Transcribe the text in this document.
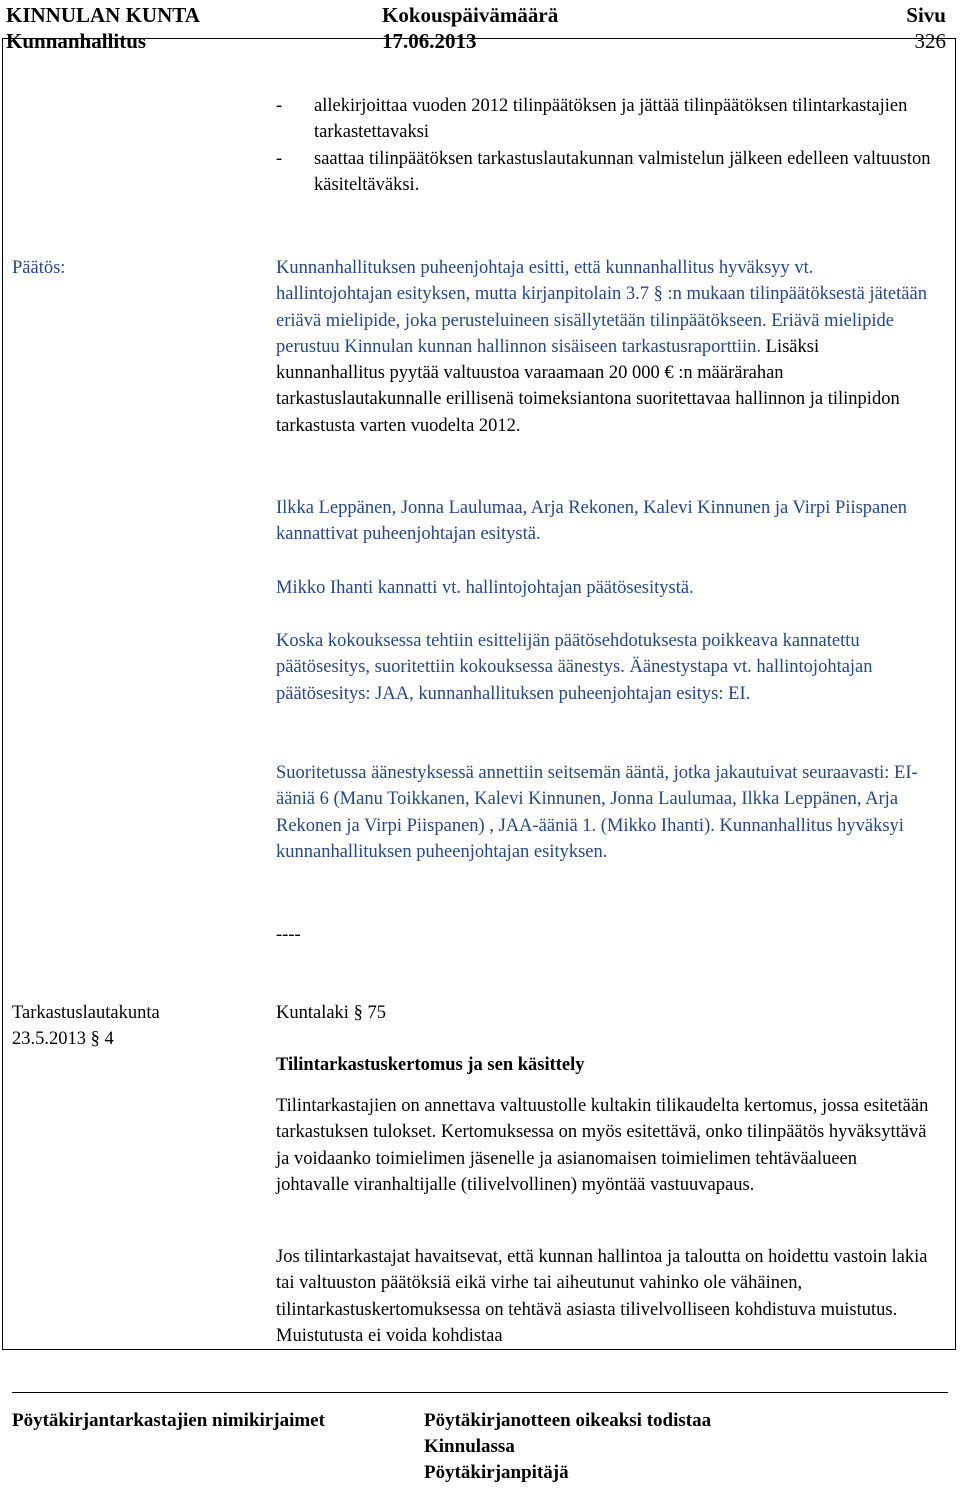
KINNULAN KUNTA
Kunnanhallitus
Kokouspäivämäärä
17.06.2013
Sivu
326
-	allekirjoittaa vuoden 2012 tilinpäätöksen ja jättää tilinpäätöksen tilintarkastajien tarkastettavaksi
-	saattaa tilinpäätöksen tarkastuslautakunnan valmistelun jälkeen edelleen valtuuston käsiteltäväksi.
Päätös:	Kunnanhallituksen puheenjohtaja esitti, että kunnanhallitus hyväksyy vt. hallintojohtajan esityksen, mutta kirjanpitolain 3.7 § :n mukaan tilinpäätöksestä jätetään eriävä mielipide, joka perusteluineen sisällytetään tilinpäätökseen. Eriävä mielipide perustuu Kinnulan kunnan hallinnon sisäiseen tarkastusraporttiin. Lisäksi kunnanhallitus pyytää valtuustoa varaamaan 20 000 € :n määrärahan tarkastuslautakunnalle erillisenä toimeksiantona suoritettavaa hallinnon ja tilinpidon tarkastusta varten vuodelta 2012.
Ilkka Leppänen, Jonna Laulumaa, Arja Rekonen, Kalevi Kinnunen ja Virpi Piispanen kannattivat puheenjohtajan esitystä.
Mikko Ihanti kannatti vt. hallintojohtajan päätösesitystä.
Koska kokouksessa tehtiin esittelijän päätösehdotuksesta poikkeava kannatettu päätösesitys, suoritettiin kokouksessa äänestys. Äänestystapa vt. hallintojohtajan päätösesitys: JAA, kunnanhallituksen puheenjohtajan esitys: EI.
Suoritetussa äänestyksessä annettiin seitsemän ääntä, jotka jakautuivat seuraavasti: EI-ääniä 6 (Manu Toikkanen, Kalevi Kinnunen, Jonna Laulumaa, Ilkka Leppänen, Arja Rekonen ja Virpi Piispanen) , JAA-ääniä 1. (Mikko Ihanti). Kunnanhallitus hyväksyi kunnanhallituksen puheenjohtajan esityksen.
----
Tarkastuslautakunta
23.5.2013 § 4
Kuntalaki § 75
Tilintarkastuskertomus ja sen käsittely
Tilintarkastajien on annettava valtuustolle kultakin tilikaudelta kertomus, jossa esitetään tarkastuksen tulokset. Kertomuksessa on myös esitettävä, onko tilinpäätös hyväksyttävä ja voidaanko toimielimen jäsenelle ja asianomaisen toimielimen tehtäväalueen johtavalle viranhaltijalle (tilivelvollinen) myöntää vastuuvapaus.
Jos tilintarkastajat havaitsevat, että kunnan hallintoa ja taloutta on hoidettu vastoin lakia tai valtuuston päätöksiä eikä virhe tai aiheutunut vahinko ole vähäinen, tilintarkastuskertomuksessa on tehtävä asiasta tilivelvolliseen kohdistuva muistutus. Muistutusta ei voida kohdistaa
Pöytäkirjantarkastajien nimikirjaimet	Pöytäkirjanotteen oikeaksi todistaa
Kinnulassa
Pöytäkirjanpitäjä
